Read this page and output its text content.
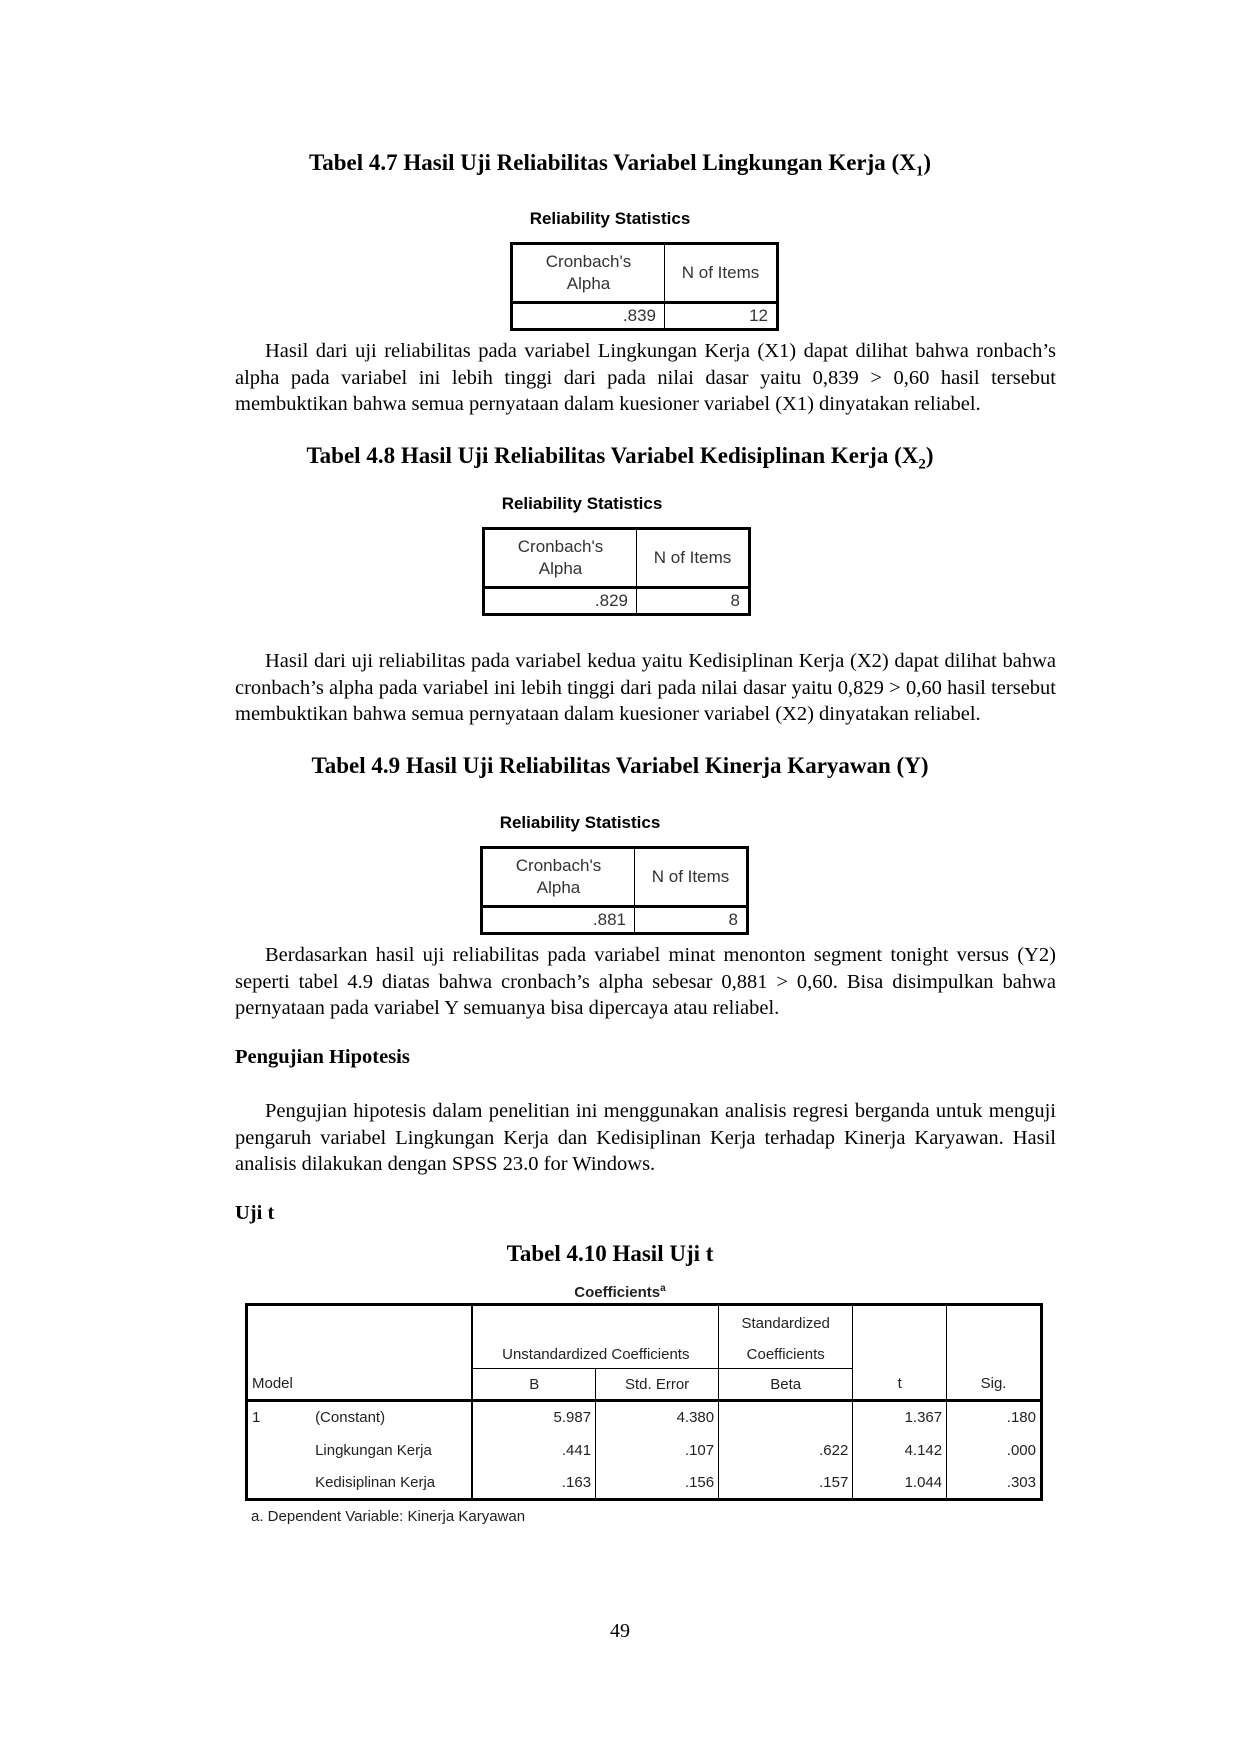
Tabel 4.7 Hasil Uji Reliabilitas Variabel Lingkungan Kerja $(X_1)$
Reliability Statistics
Cronbach's
Alpha	N of Items
.839	12

Hasil dari uji reliabilitas pada variabel Lingkungan Kerja (X1) dapat dilihat bahwa ronbach’s alpha pada variabel ini lebih tinggi dari pada nilai dasar yaitu 0,839 > 0,60 hasil tersebut membuktikan bahwa semua pernyataan dalam kuesioner variabel (X1) dinyatakan reliabel.

Tabel 4.8 Hasil Uji Reliabilitas Variabel Kedisiplinan Kerja $(X_2)$
Reliability Statistics
Cronbach's
Alpha	N of Items
.829	8

Hasil dari uji reliabilitas pada variabel kedua yaitu Kedisiplinan Kerja (X2) dapat dilihat bahwa cronbach’s alpha pada variabel ini lebih tinggi dari pada nilai dasar yaitu 0,829 > 0,60 hasil tersebut membuktikan bahwa semua pernyataan dalam kuesioner variabel (X2) dinyatakan reliabel.

Tabel 4.9 Hasil Uji Reliabilitas Variabel Kinerja Karyawan (Y)
Reliability Statistics
Cronbach's
Alpha	N of Items
.881	8

Berdasarkan hasil uji reliabilitas pada variabel minat menonton segment tonight versus (Y2) seperti tabel 4.9 diatas bahwa cronbach’s alpha sebesar 0,881 > 0,60. Bisa disimpulkan bahwa pernyataan pada variabel Y semuanya bisa dipercaya atau reliabel.

Pengujian Hipotesis

Pengujian hipotesis dalam penelitian ini menggunakan analisis regresi berganda untuk menguji pengaruh variabel Lingkungan Kerja dan Kedisiplinan Kerja terhadap Kinerja Karyawan. Hasil analisis dilakukan dengan SPSS 23.0 for Windows.

Uji t
Tabel 4.10 Hasil Uji t
Coefficients$^a$
				Standardized		
		Unstandardized Coefficients		Coefficients		
Model		B	Std. Error	Beta	t	Sig.
1	(Constant)	5.987	4.380		1.367	.180
	Lingkungan Kerja	.441	.107	.622	4.142	.000
	Kedisiplinan Kerja	.163	.156	.157	1.044	.303
a. Dependent Variable: Kinerja Karyawan
49
